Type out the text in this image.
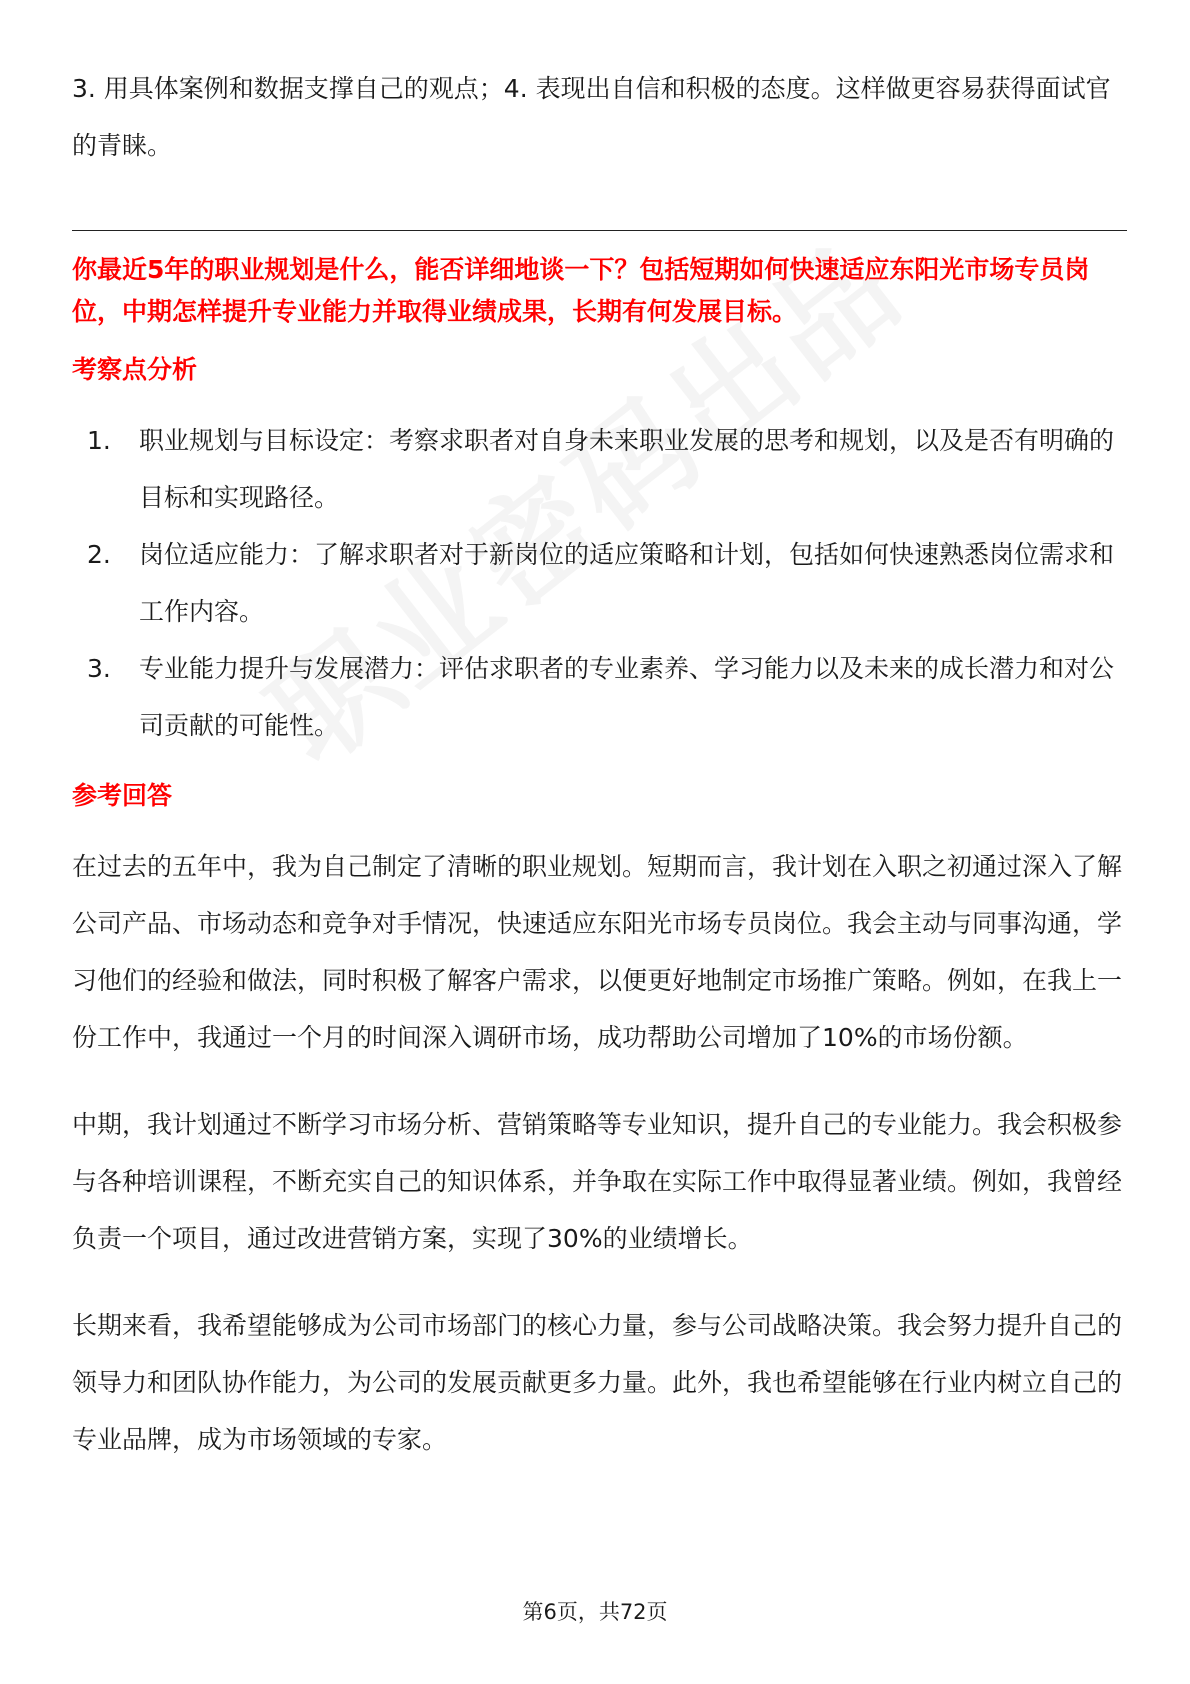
3. 用具体案例和数据支撑自己的观点；4. 表现出自信和积极的态度。这样做更容易获得面试官的青睐。

你最近5年的职业规划是什么，能否详细地谈一下？包括短期如何快速适应东阳光市场专员岗位，中期怎样提升专业能力并取得业绩成果，长期有何发展目标。

考察点分析

1.	职业规划与目标设定：考察求职者对自身未来职业发展的思考和规划，以及是否有明确的目标和实现路径。
2.	岗位适应能力：了解求职者对于新岗位的适应策略和计划，包括如何快速熟悉岗位需求和工作内容。
3.	专业能力提升与发展潜力：评估求职者的专业素养、学习能力以及未来的成长潜力和对公司贡献的可能性。

参考回答

在过去的五年中，我为自己制定了清晰的职业规划。短期而言，我计划在入职之初通过深入了解公司产品、市场动态和竞争对手情况，快速适应东阳光市场专员岗位。我会主动与同事沟通，学习他们的经验和做法，同时积极了解客户需求，以便更好地制定市场推广策略。例如，在我上一份工作中，我通过一个月的时间深入调研市场，成功帮助公司增加了10%的市场份额。

中期，我计划通过不断学习市场分析、营销策略等专业知识，提升自己的专业能力。我会积极参与各种培训课程，不断充实自己的知识体系，并争取在实际工作中取得显著业绩。例如，我曾经负责一个项目，通过改进营销方案，实现了30%的业绩增长。

长期来看，我希望能够成为公司市场部门的核心力量，参与公司战略决策。我会努力提升自己的领导力和团队协作能力，为公司的发展贡献更多力量。此外，我也希望能够在行业内树立自己的专业品牌，成为市场领域的专家。

第6页，共72页
